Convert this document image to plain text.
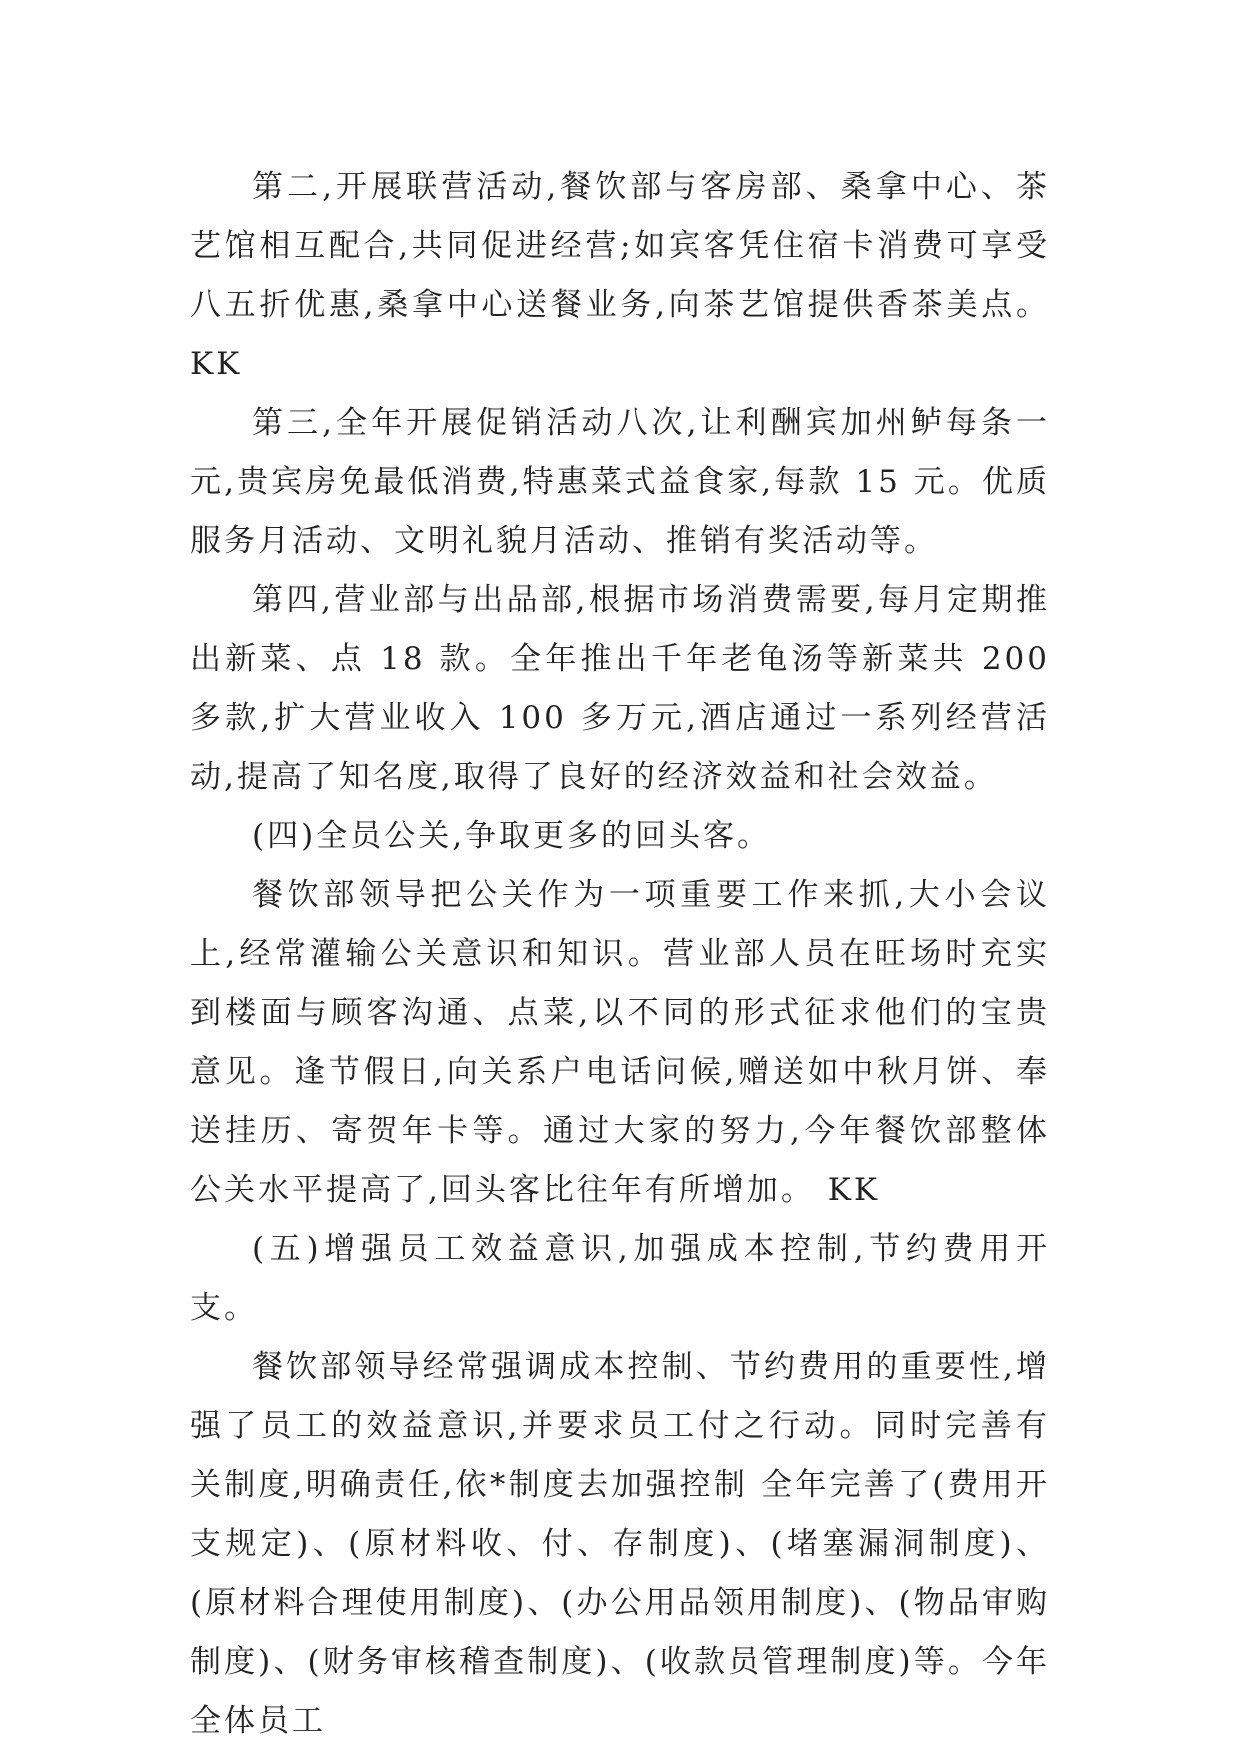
第二,开展联营活动,餐饮部与客房部、桑拿中心、茶艺馆相互配合,共同促进经营;如宾客凭住宿卡消费可享受八五折优惠,桑拿中心送餐业务,向茶艺馆提供香茶美点。 KK

第三,全年开展促销活动八次,让利酬宾加州鲈每条一元,贵宾房免最低消费,特惠菜式益食家,每款 15 元。优质服务月活动、文明礼貌月活动、推销有奖活动等。

第四,营业部与出品部,根据市场消费需要,每月定期推出新菜、点 18 款。全年推出千年老龟汤等新菜共 200 多款,扩大营业收入 100 多万元,酒店通过一系列经营活动,提高了知名度,取得了良好的经济效益和社会效益。

(四)全员公关,争取更多的回头客。

餐饮部领导把公关作为一项重要工作来抓,大小会议上,经常灌输公关意识和知识。营业部人员在旺场时充实到楼面与顾客沟通、点菜,以不同的形式征求他们的宝贵意见。逢节假日,向关系户电话问候,赠送如中秋月饼、奉送挂历、寄贺年卡等。通过大家的努力,今年餐饮部整体公关水平提高了,回头客比往年有所增加。 KK

(五)增强员工效益意识,加强成本控制,节约费用开支。

餐饮部领导经常强调成本控制、节约费用的重要性,增强了员工的效益意识,并要求员工付之行动。同时完善有关制度,明确责任,依*制度去加强控制 全年完善了(费用开支规定)、(原材料收、付、存制度)、(堵塞漏洞制度)、(原材料合理使用制度)、(办公用品领用制度)、(物品审购制度)、(财务审核稽查制度)、(收款员管理制度)等。今年全体员工
